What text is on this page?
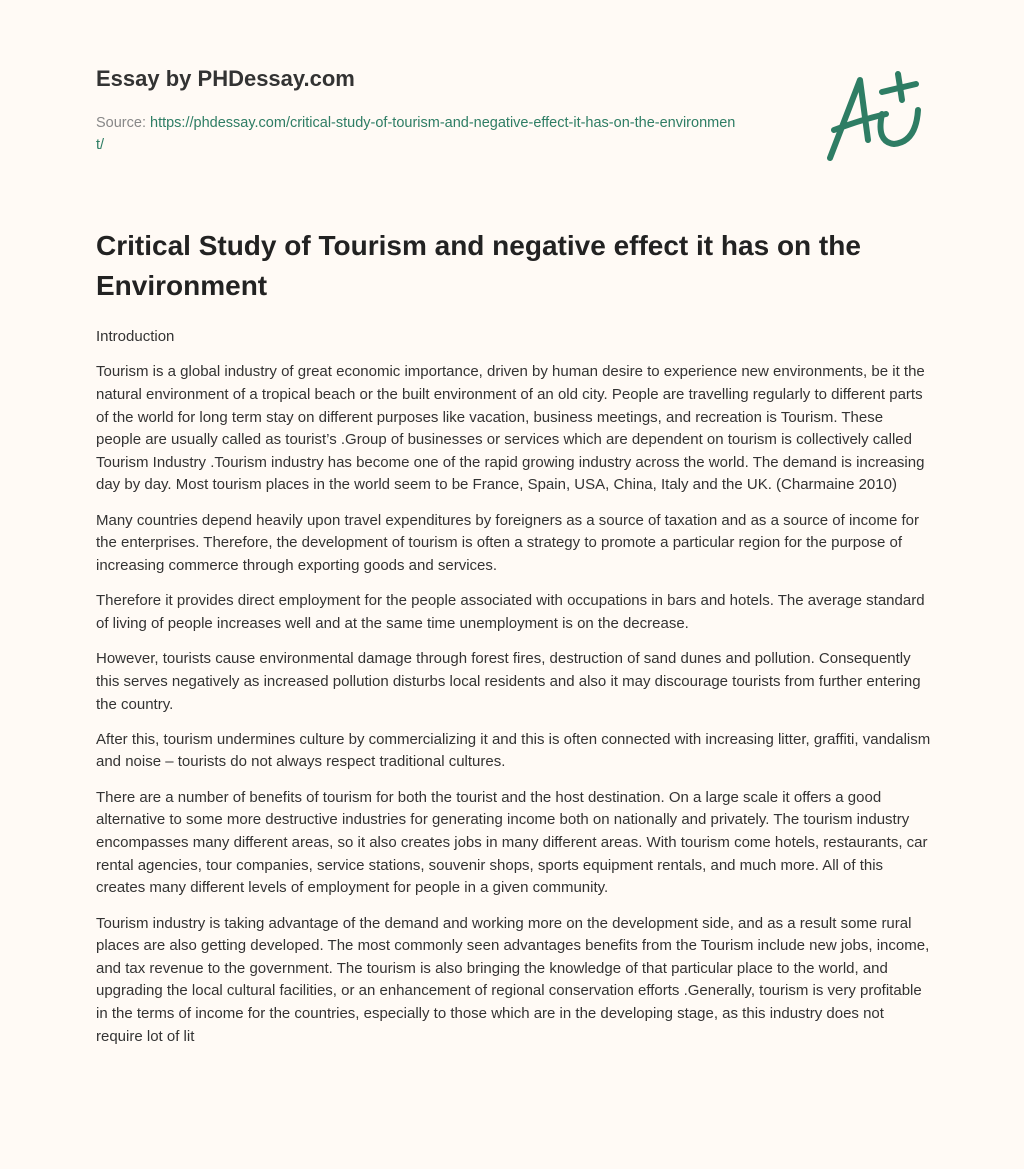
Essay by PHDessay.com

Source: https://phdessay.com/critical-study-of-tourism-and-negative-effect-it-has-on-the-environment/
Critical Study of Tourism and negative effect it has on the Environment

Introduction

Tourism is a global industry of great economic importance, driven by human desire to experience new environments, be it the natural environment of a tropical beach or the built environment of an old city. People are travelling regularly to different parts of the world for long term stay on different purposes like vacation, business meetings, and recreation is Tourism. These people are usually called as tourist’s .Group of businesses or services which are dependent on tourism is collectively called Tourism Industry .Tourism industry has become one of the rapid growing industry across the world. The demand is increasing day by day. Most tourism places in the world seem to be France, Spain, USA, China, Italy and the UK. (Charmaine 2010)

Many countries depend heavily upon travel expenditures by foreigners as a source of taxation and as a source of income for the enterprises. Therefore, the development of tourism is often a strategy to promote a particular region for the purpose of increasing commerce through exporting goods and services.

Therefore it provides direct employment for the people associated with occupations in bars and hotels. The average standard of living of people increases well and at the same time unemployment is on the decrease.

However, tourists cause environmental damage through forest fires, destruction of sand dunes and pollution. Consequently this serves negatively as increased pollution disturbs local residents and also it may discourage tourists from further entering the country.

After this, tourism undermines culture by commercializing it and this is often connected with increasing litter, graffiti, vandalism and noise – tourists do not always respect traditional cultures.

There are a number of benefits of tourism for both the tourist and the host destination. On a large scale it offers a good alternative to some more destructive industries for generating income both on nationally and privately. The tourism industry encompasses many different areas, so it also creates jobs in many different areas. With tourism come hotels, restaurants, car rental agencies, tour companies, service stations, souvenir shops, sports equipment rentals, and much more. All of this creates many different levels of employment for people in a given community.

Tourism industry is taking advantage of the demand and working more on the development side, and as a result some rural places are also getting developed. The most commonly seen advantages benefits from the Tourism include new jobs, income, and tax revenue to the government. The tourism is also bringing the knowledge of that particular place to the world, and upgrading the local cultural facilities, or an enhancement of regional conservation efforts .Generally, tourism is very profitable in the terms of income for the countries, especially to those which are in the developing stage, as this industry does not require lot of lit
